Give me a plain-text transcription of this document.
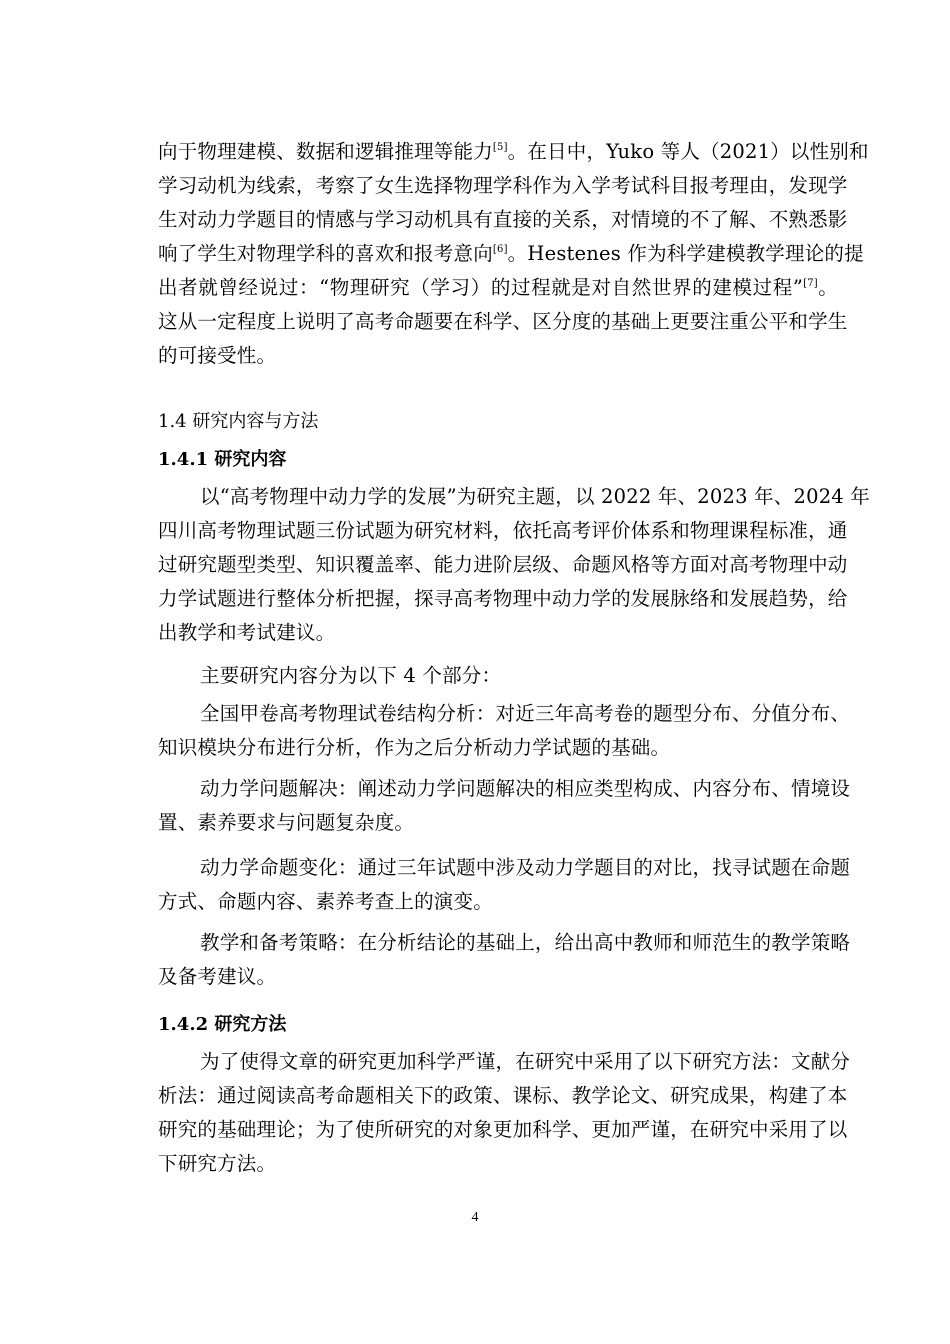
向于物理建模、数据和逻辑推理等能力[5]。在日中，Yuko 等人（2021）以性别和
学习动机为线索，考察了女生选择物理学科作为入学考试科目报考理由，发现学
生对动力学题目的情感与学习动机具有直接的关系，对情境的不了解、不熟悉影
响了学生对物理学科的喜欢和报考意向[6]。Hestenes 作为科学建模教学理论的提
出者就曾经说过：“物理研究（学习）的过程就是对自然世界的建模过程”[7]。
这从一定程度上说明了高考命题要在科学、区分度的基础上更要注重公平和学生
的可接受性。
1.4 研究内容与方法
1.4.1 研究内容
以“高考物理中动力学的发展”为研究主题，以 2022 年、2023 年、2024 年
四川高考物理试题三份试题为研究材料，依托高考评价体系和物理课程标准，通
过研究题型类型、知识覆盖率、能力进阶层级、命题风格等方面对高考物理中动
力学试题进行整体分析把握，探寻高考物理中动力学的发展脉络和发展趋势，给
出教学和考试建议。
主要研究内容分为以下 4 个部分：
全国甲卷高考物理试卷结构分析：对近三年高考卷的题型分布、分值分布、
知识模块分布进行分析，作为之后分析动力学试题的基础。
动力学问题解决：阐述动力学问题解决的相应类型构成、内容分布、情境设
置、素养要求与问题复杂度。
动力学命题变化：通过三年试题中涉及动力学题目的对比，找寻试题在命题
方式、命题内容、素养考查上的演变。
教学和备考策略：在分析结论的基础上，给出高中教师和师范生的教学策略
及备考建议。
1.4.2 研究方法
为了使得文章的研究更加科学严谨，在研究中采用了以下研究方法：文献分
析法：通过阅读高考命题相关下的政策、课标、教学论文、研究成果，构建了本
研究的基础理论；为了使所研究的对象更加科学、更加严谨，在研究中采用了以
下研究方法。
4
